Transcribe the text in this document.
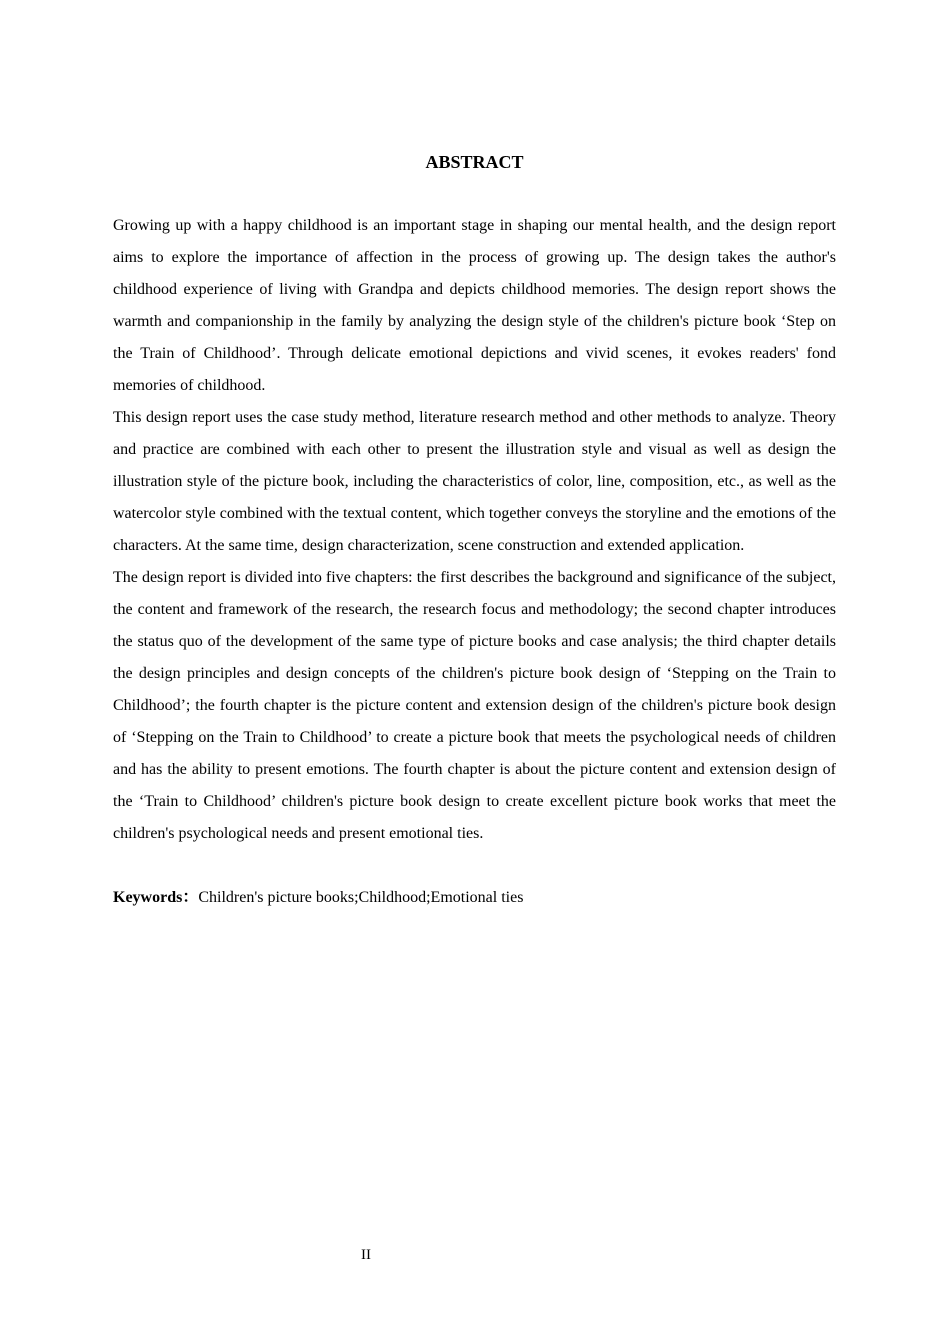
ABSTRACT

Growing up with a happy childhood is an important stage in shaping our mental health, and the design report aims to explore the importance of affection in the process of growing up. The design takes the author's childhood experience of living with Grandpa and depicts childhood memories. The design report shows the warmth and companionship in the family by analyzing the design style of the children's picture book ‘Step on the Train of Childhood’. Through delicate emotional depictions and vivid scenes, it evokes readers' fond memories of childhood.

This design report uses the case study method, literature research method and other methods to analyze. Theory and practice are combined with each other to present the illustration style and visual as well as design the illustration style of the picture book, including the characteristics of color, line, composition, etc., as well as the watercolor style combined with the textual content, which together conveys the storyline and the emotions of the characters. At the same time, design characterization, scene construction and extended application.

The design report is divided into five chapters: the first describes the background and significance of the subject, the content and framework of the research, the research focus and methodology; the second chapter introduces the status quo of the development of the same type of picture books and case analysis; the third chapter details the design principles and design concepts of the children's picture book design of ‘Stepping on the Train to Childhood’; the fourth chapter is the picture content and extension design of the children's picture book design of ‘Stepping on the Train to Childhood’ to create a picture book that meets the psychological needs of children and has the ability to present emotions. The fourth chapter is about the picture content and extension design of the ‘Train to Childhood’ children's picture book design to create excellent picture book works that meet the children's psychological needs and present emotional ties.

Keywords：Children's picture books;Childhood;Emotional ties
II
